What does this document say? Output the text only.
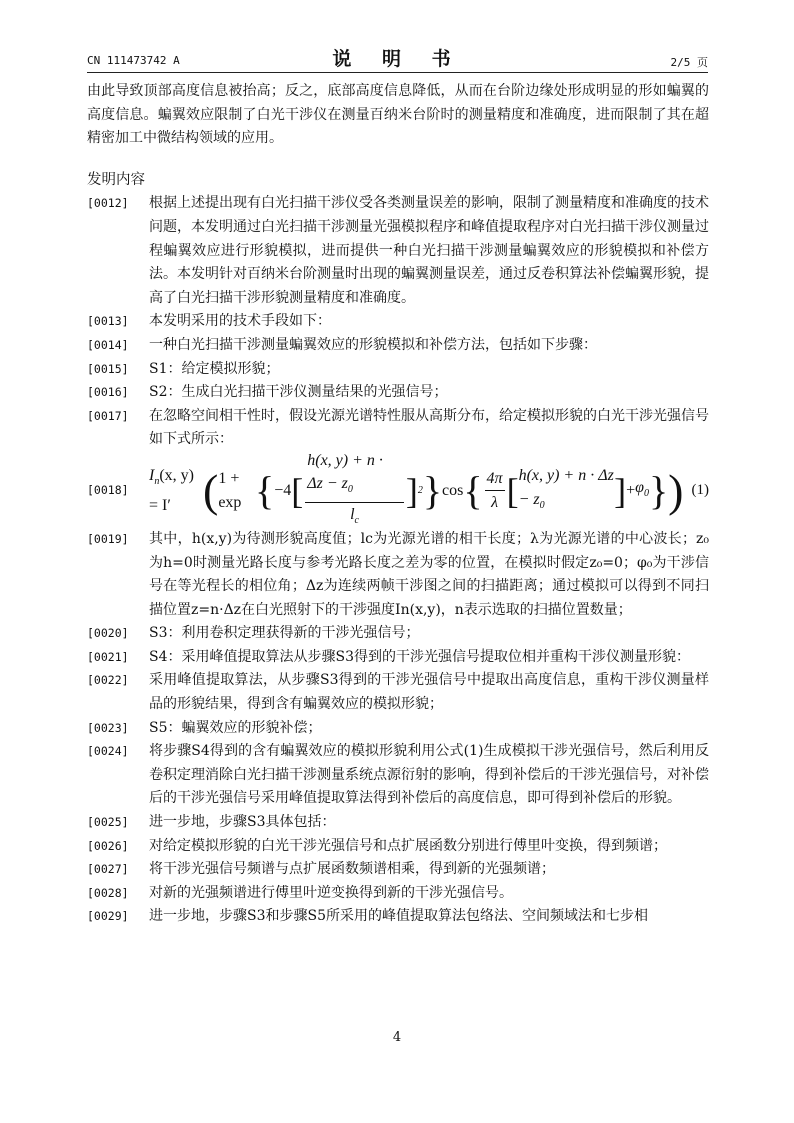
CN 111473742 A	说 明 书	2/5 页

由此导致顶部高度信息被抬高；反之，底部高度信息降低，从而在台阶边缘处形成明显的形如蝙翼的高度信息。蝙翼效应限制了白光干涉仪在测量百纳米台阶时的测量精度和准确度，进而限制了其在超精密加工中微结构领域的应用。

发明内容

[0012]	根据上述提出现有白光扫描干涉仪受各类测量误差的影响，限制了测量精度和准确度的技术问题，本发明通过白光扫描干涉测量光强模拟程序和峰值提取程序对白光扫描干涉仪测量过程蝙翼效应进行形貌模拟，进而提供一种白光扫描干涉测量蝙翼效应的形貌模拟和补偿方法。本发明针对百纳米台阶测量时出现的蝙翼测量误差，通过反卷积算法补偿蝙翼形貌，提高了白光扫描干涉形貌测量精度和准确度。
[0013]	本发明采用的技术手段如下：
[0014]	一种白光扫描干涉测量蝙翼效应的形貌模拟和补偿方法，包括如下步骤：
[0015]	S1：给定模拟形貌；
[0016]	S2：生成白光扫描干涉仪测量结果的光强信号；
[0017]	在忽略空间相干性时，假设光源光谱特性服从高斯分布，给定模拟形貌的白光干涉光强信号如下式所示：
[0018]
$I_n(x$, y) = I′ ( 1 + exp { −4 [ $\frac{h(x, y) + n \cdot \Delta z - z_0}{l_c}$ ] 2 } cos { $\frac{4\pi}{\lambda}$ [ h(x, $y) + n \cdot \Delta z - z_0$	] + $\varphi_0$ } ) (1)
[0019]	其中，h(x,y)为待测形貌高度值；lc为光源光谱的相干长度；λ为光源光谱的中心波长；z₀为h=0时测量光路长度与参考光路长度之差为零的位置，在模拟时假定z₀=0；φ₀为干涉信号在等光程长的相位角；Δz为连续两帧干涉图之间的扫描距离；通过模拟可以得到不同扫描位置z=n·Δz在白光照射下的干涉强度In(x,y)，n表示选取的扫描位置数量；
[0020]	S3：利用卷积定理获得新的干涉光强信号；
[0021]	S4：采用峰值提取算法从步骤S3得到的干涉光强信号提取位相并重构干涉仪测量形貌：
[0022]	采用峰值提取算法，从步骤S3得到的干涉光强信号中提取出高度信息，重构干涉仪测量样品的形貌结果，得到含有蝙翼效应的模拟形貌；
[0023]	S5：蝙翼效应的形貌补偿；
[0024]	将步骤S4得到的含有蝙翼效应的模拟形貌利用公式(1)生成模拟干涉光强信号，然后利用反卷积定理消除白光扫描干涉测量系统点源衍射的影响，得到补偿后的干涉光强信号，对补偿后的干涉光强信号采用峰值提取算法得到补偿后的高度信息，即可得到补偿后的形貌。
[0025]	进一步地，步骤S3具体包括：
[0026]	对给定模拟形貌的白光干涉光强信号和点扩展函数分别进行傅里叶变换，得到频谱；
[0027]	将干涉光强信号频谱与点扩展函数频谱相乘，得到新的光强频谱；
[0028]	对新的光强频谱进行傅里叶逆变换得到新的干涉光强信号。
[0029]	进一步地，步骤S3和步骤S5所采用的峰值提取算法包络法、空间频域法和七步相
4
